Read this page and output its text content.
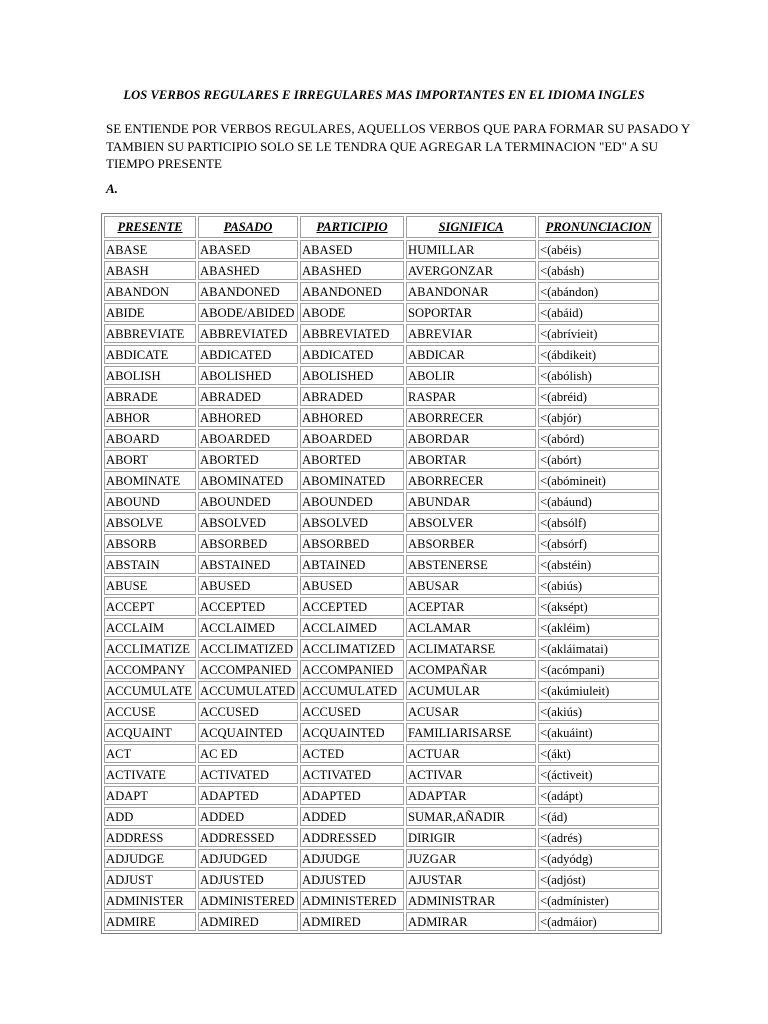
LOS VERBOS REGULARES E IRREGULARES MAS IMPORTANTES EN EL IDIOMA INGLES
SE ENTIENDE POR VERBOS REGULARES, AQUELLOS VERBOS QUE PARA FORMAR SU PASADO Y TAMBIEN SU PARTICIPIO SOLO SE LE TENDRA QUE AGREGAR LA TERMINACION "ED" A SU TIEMPO PRESENTE
A.
PRESENTE	PASADO	PARTICIPIO	SIGNIFICA	PRONUNCIACION
ABASE	ABASED	ABASED	HUMILLAR	<(abéis)
ABASH	ABASHED	ABASHED	AVERGONZAR	<(abásh)
ABANDON	ABANDONED	ABANDONED	ABANDONAR	<(abándon)
ABIDE	ABODE/ABIDED	ABODE	SOPORTAR	<(abáid)
ABBREVIATE	ABBREVIATED	ABBREVIATED	ABREVIAR	<(abrívieit)
ABDICATE	ABDICATED	ABDICATED	ABDICAR	<(ábdikeit)
ABOLISH	ABOLISHED	ABOLISHED	ABOLIR	<(abólish)
ABRADE	ABRADED	ABRADED	RASPAR	<(abréid)
ABHOR	ABHORED	ABHORED	ABORRECER	<(abjór)
ABOARD	ABOARDED	ABOARDED	ABORDAR	<(abórd)
ABORT	ABORTED	ABORTED	ABORTAR	<(abórt)
ABOMINATE	ABOMINATED	ABOMINATED	ABORRECER	<(abómineit)
ABOUND	ABOUNDED	ABOUNDED	ABUNDAR	<(abáund)
ABSOLVE	ABSOLVED	ABSOLVED	ABSOLVER	<(absólf)
ABSORB	ABSORBED	ABSORBED	ABSORBER	<(absórf)
ABSTAIN	ABSTAINED	ABTAINED	ABSTENERSE	<(abstéin)
ABUSE	ABUSED	ABUSED	ABUSAR	<(abiús)
ACCEPT	ACCEPTED	ACCEPTED	ACEPTAR	<(aksépt)
ACCLAIM	ACCLAIMED	ACCLAIMED	ACLAMAR	<(akléim)
ACCLIMATIZE	ACCLIMATIZED	ACCLIMATIZED	ACLIMATARSE	<(akláimatai)
ACCOMPANY	ACCOMPANIED	ACCOMPANIED	ACOMPAÑAR	<(acómpani)
ACCUMULATE	ACCUMULATED	ACCUMULATED	ACUMULAR	<(akúmiuleit)
ACCUSE	ACCUSED	ACCUSED	ACUSAR	<(akiús)
ACQUAINT	ACQUAINTED	ACQUAINTED	FAMILIARISARSE	<(akuáint)
ACT	AC ED	ACTED	ACTUAR	<(ákt)
ACTIVATE	ACTIVATED	ACTIVATED	ACTIVAR	<(áctiveit)
ADAPT	ADAPTED	ADAPTED	ADAPTAR	<(adápt)
ADD	ADDED	ADDED	SUMAR,AÑADIR	<(ád)
ADDRESS	ADDRESSED	ADDRESSED	DIRIGIR	<(adrés)
ADJUDGE	ADJUDGED	ADJUDGE	JUZGAR	<(adyódg)
ADJUST	ADJUSTED	ADJUSTED	AJUSTAR	<(adjóst)
ADMINISTER	ADMINISTERED	ADMINISTERED	ADMINISTRAR	<(admínister)
ADMIRE	ADMIRED	ADMIRED	ADMIRAR	<(admáior)
